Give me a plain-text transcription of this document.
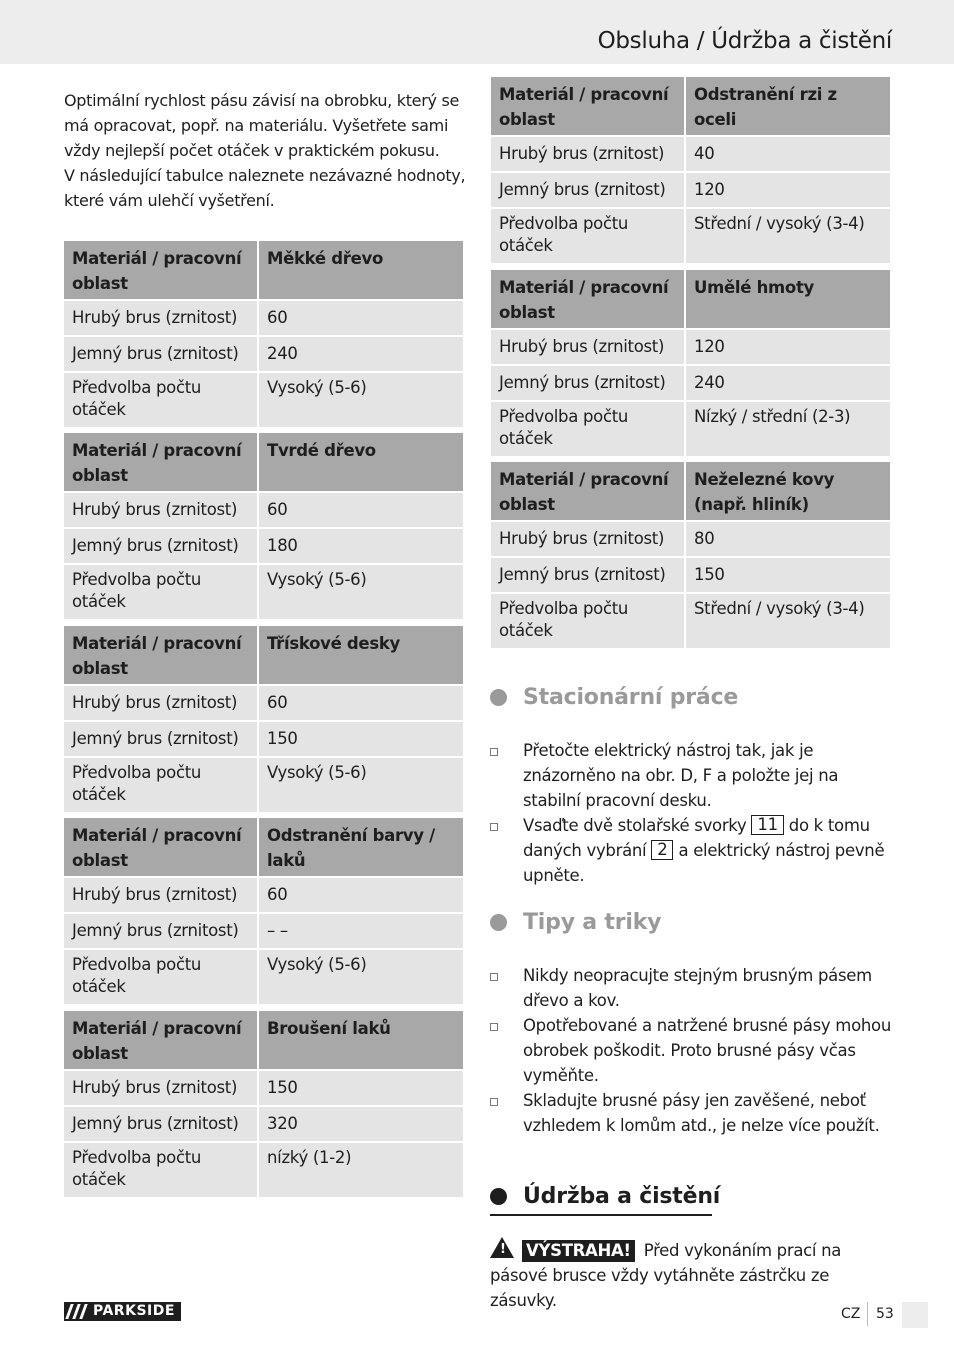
Obsluha / Údržba a čistění

Optimální rychlost pásu závisí na obrobku, který se

má opracovat, popř. na materiálu. Vyšetřete sami

vždy nejlepší počet otáček v praktickém pokusu.

V následující tabulce naleznete nezávazné hodnoty,

které vám ulehčí vyšetření.

Materiál / pracovní oblast	Měkké dřevo
Hrubý brus (zrnitost)	60
Jemný brus (zrnitost)	240
Předvolba počtu otáček	Vysoký (5-6)
Materiál / pracovní oblast	Tvrdé dřevo
Hrubý brus (zrnitost)	60
Jemný brus (zrnitost)	180
Předvolba počtu otáček	Vysoký (5-6)
Materiál / pracovní oblast	Třískové desky
Hrubý brus (zrnitost)	60
Jemný brus (zrnitost)	150
Předvolba počtu otáček	Vysoký (5-6)
Materiál / pracovní oblast	Odstranění barvy / laků
Hrubý brus (zrnitost)	60
Jemný brus (zrnitost)	– –
Předvolba počtu otáček	Vysoký (5-6)
Materiál / pracovní oblast	Broušení laků
Hrubý brus (zrnitost)	150
Jemný brus (zrnitost)	320
Předvolba počtu otáček	nízký (1-2)
Materiál / pracovní oblast	Odstranění rzi z oceli
Hrubý brus (zrnitost)	40
Jemný brus (zrnitost)	120
Předvolba počtu otáček	Střední / vysoký (3-4)
Materiál / pracovní oblast	Umělé hmoty
Hrubý brus (zrnitost)	120
Jemný brus (zrnitost)	240
Předvolba počtu otáček	Nízký / střední (2-3)
Materiál / pracovní oblast	Neželezné kovy (např. hliník)
Hrubý brus (zrnitost)	80
Jemný brus (zrnitost)	150
Předvolba počtu otáček	Střední / vysoký (3-4)
Stacionární práce
Přetočte elektrický nástroj tak, jak je znázorněno na obr. D, F a položte jej na stabilní pracovní desku.
Vsaďte dvě stolařské svorky 11 do k tomu daných vybrání 2 a elektrický nástroj pevně upněte.
Tipy a triky
Nikdy neopracujte stejným brusným pásem dřevo a kov.
Opotřebované a natržené brusné pásy mohou obrobek poškodit. Proto brusné pásy včas vyměňte.
Skladujte brusné pásy jen zavěšené, neboť vzhledem k lomům atd., je nelze více použít.
Údržba a čistění
! VÝSTRAHA! Před vykonáním prací na pásové brusce vždy vytáhněte zástrčku ze zásuvky.
PARKSIDE	CZ 53
